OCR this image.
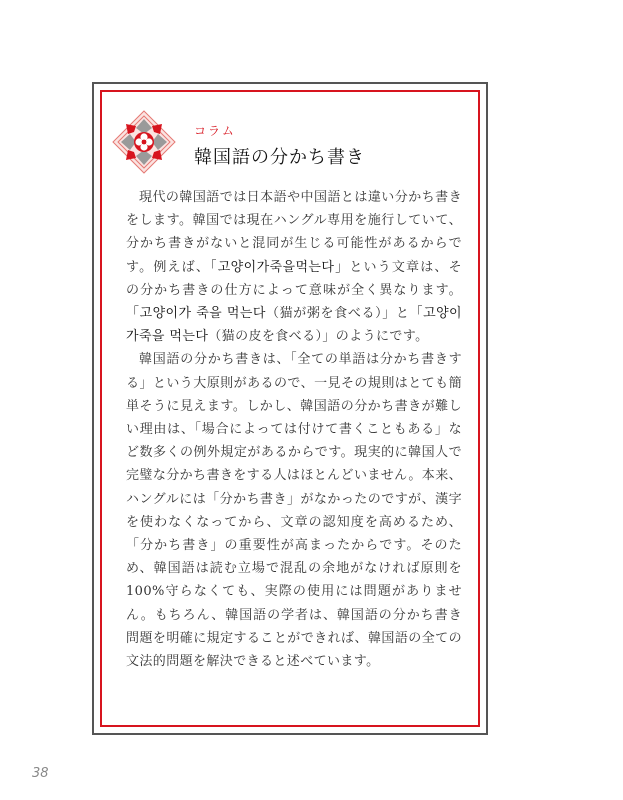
コラム
韓国語の分かち書き

現代の韓国語では日本語や中国語とは違い分かち書きをします。韓国では現在ハングル専用を施行していて、分かち書きがないと混同が生じる可能性があるからです。例えば、「고양이가죽을먹는다」という文章は、その分かち書きの仕方によって意味が全く異なります。「고양이가 죽을 먹는다（猫が粥を食べる）」と「고양이 가죽을 먹는다（猫の皮を食べる）」のようにです。

韓国語の分かち書きは、「全ての単語は分かち書きする」という大原則があるので、一見その規則はとても簡単そうに見えます。しかし、韓国語の分かち書きが難しい理由は、「場合によっては付けて書くこともある」など数多くの例外規定があるからです。現実的に韓国人で完璧な分かち書きをする人はほとんどいません。本来、ハングルには「分かち書き」がなかったのですが、漢字を使わなくなってから、文章の認知度を高めるため、「分かち書き」の重要性が高まったからです。そのため、韓国語は読む立場で混乱の余地がなければ原則を100%守らなくても、実際の使用には問題がありません。もちろん、韓国語の学者は、韓国語の分かち書き問題を明確に規定することができれば、韓国語の全ての文法的問題を解決できると述べています。

38
